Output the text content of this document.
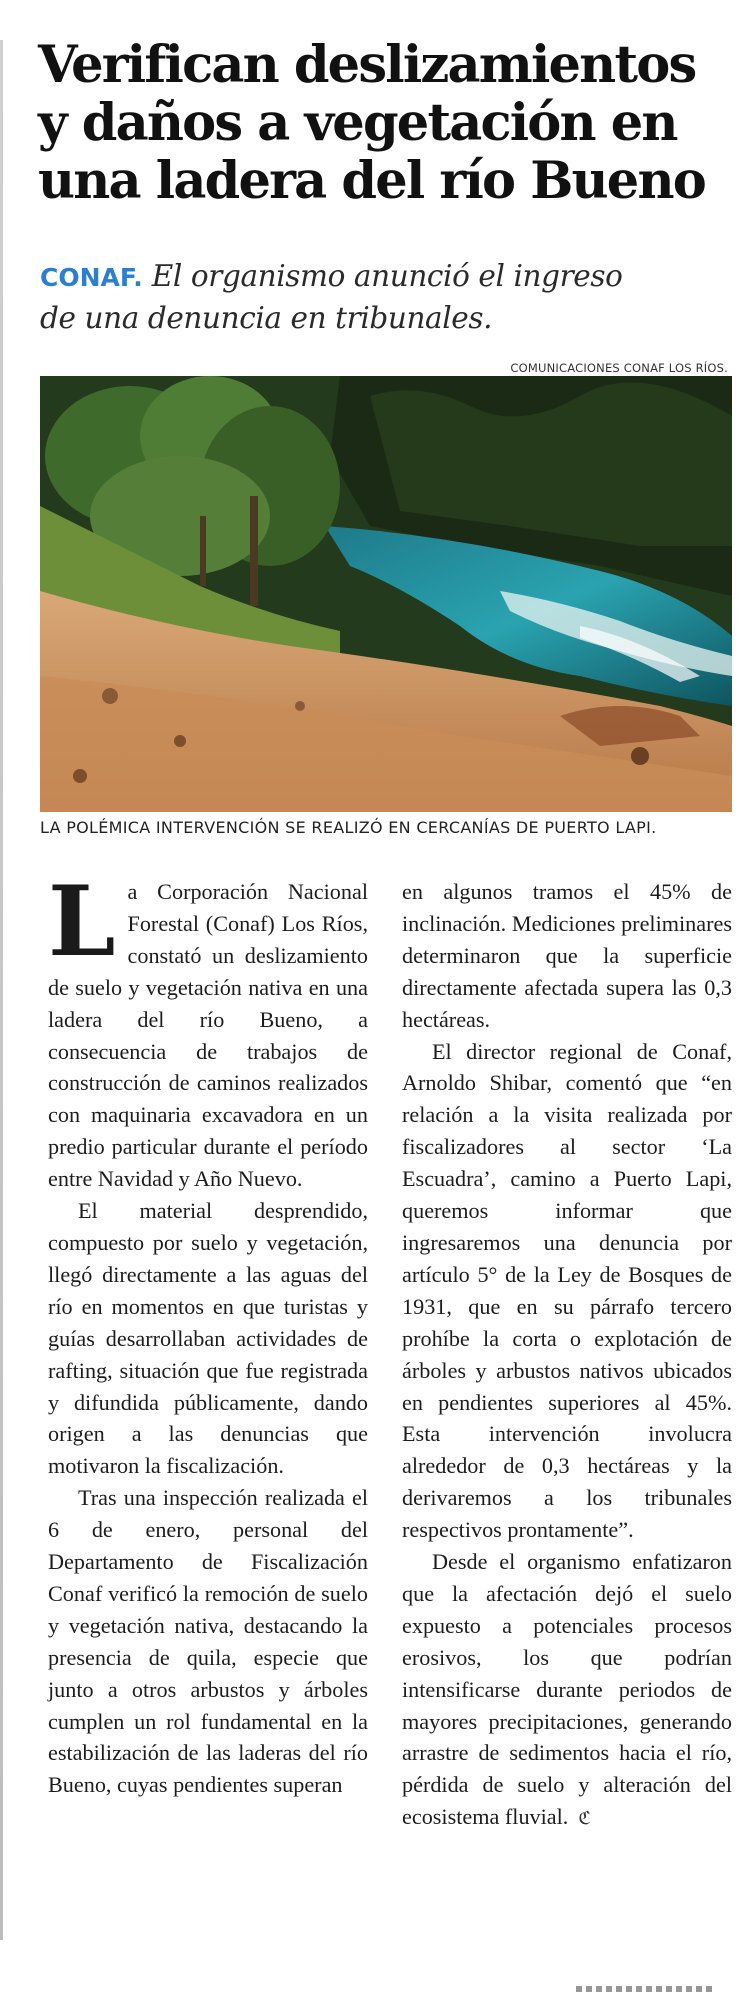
Verifican deslizamientos
y daños a vegetación en
una ladera del río Bueno
CONAF. El organismo anunció el ingreso
de una denuncia en tribunales.
COMUNICACIONES CONAF LOS RÍOS.
LA POLÉMICA INTERVENCIÓN SE REALIZÓ EN CERCANÍAS DE PUERTO LAPI.

La Corporación Nacional Forestal (Conaf) Los Ríos, constató un deslizamiento de suelo y vegetación nativa en una ladera del río Bueno, a consecuencia de trabajos de construcción de caminos realizados con maquinaria excavadora en un predio particular durante el período entre Navidad y Año Nuevo.

El material desprendido, compuesto por suelo y vegetación, llegó directamente a las aguas del río en momentos en que turistas y guías desarrollaban actividades de rafting, situación que fue registrada y difundida públicamente, dando origen a las denuncias que motivaron la fiscalización.

Tras una inspección realizada el 6 de enero, personal del Departamento de Fiscalización Conaf verificó la remoción de suelo y vegetación nativa, destacando la presencia de quila, especie que junto a otros arbustos y árboles cumplen un rol fundamental en la estabilización de las laderas del río Bueno, cuyas pendientes superan

en algunos tramos el 45% de inclinación. Mediciones preliminares determinaron que la superficie directamente afectada supera las 0,3 hectáreas.

El director regional de Conaf, Arnoldo Shibar, comentó que “en relación a la visita realizada por fiscalizadores al sector ‘La Escuadra’, camino a Puerto Lapi, queremos informar que ingresaremos una denuncia por artículo 5° de la Ley de Bosques de 1931, que en su párrafo tercero prohíbe la corta o explotación de árboles y arbustos nativos ubicados en pendientes superiores al 45%. Esta intervención involucra alrededor de 0,3 hectáreas y la derivaremos a los tribunales respectivos prontamente”.

Desde el organismo enfatizaron que la afectación dejó el suelo expuesto a potenciales procesos erosivos, los que podrían intensificarse durante periodos de mayores precipitaciones, generando arrastre de sedimentos hacia el río, pérdida de suelo y alteración del ecosistema fluvial. ℭ
